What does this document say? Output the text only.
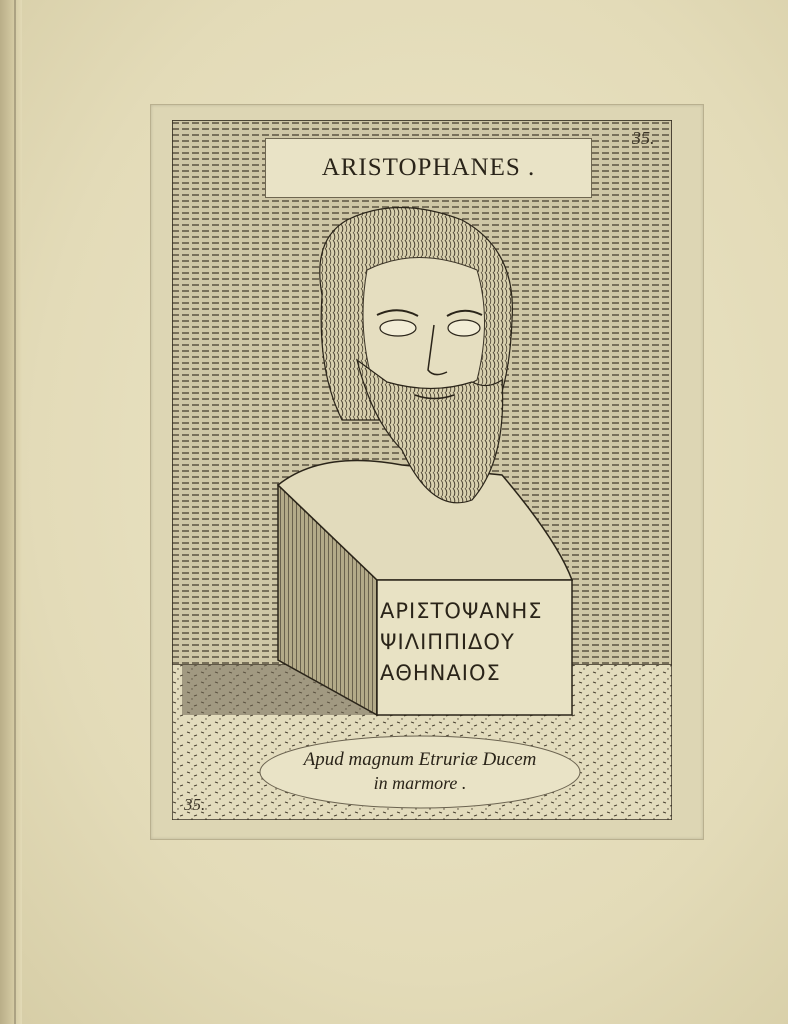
ARISTOPHANES .
35.
ΑΡΙΣΤΟΨΑΝΗΣ
ΨΙΛΙΠΠΙΔΟΥ
ΑΘΗΝΑΙΟΣ
Apud magnum Etruriæ Ducem
in marmore .
35.
